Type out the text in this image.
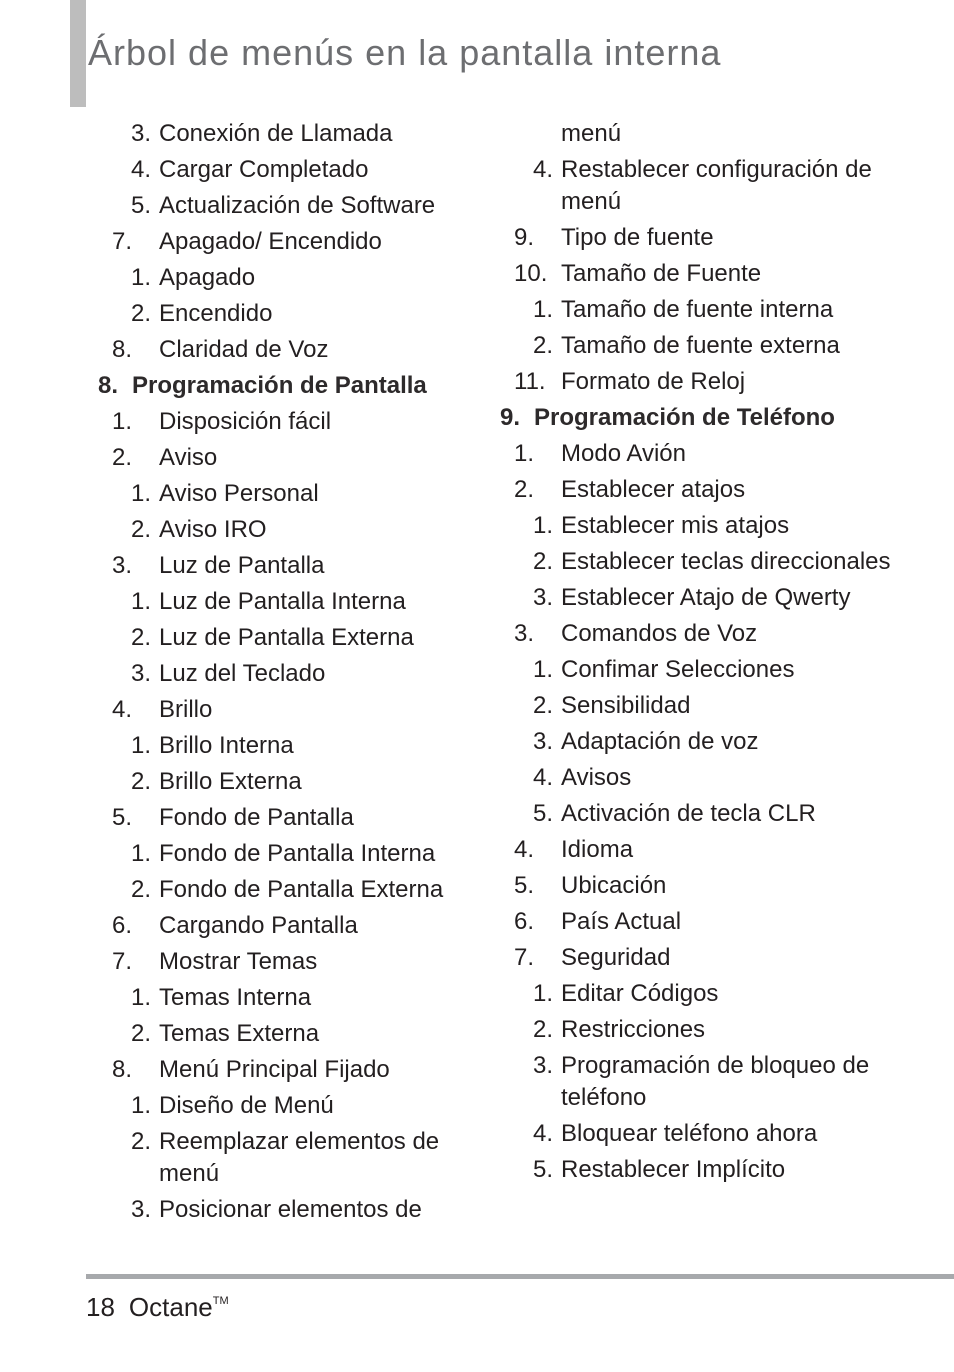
Árbol de menús en la pantalla interna
3. Conexión de Llamada
4. Cargar Completado
5. Actualización de Software
7. Apagado/ Encendido
1. Apagado
2. Encendido
8. Claridad de Voz
8. Programación de Pantalla
1. Disposición fácil
2. Aviso
1. Aviso Personal
2. Aviso IRO
3. Luz de Pantalla
1. Luz de Pantalla Interna
2. Luz de Pantalla Externa
3. Luz del Teclado
4. Brillo
1. Brillo Interna
2. Brillo Externa
5. Fondo de Pantalla
1. Fondo de Pantalla Interna
2. Fondo de Pantalla Externa
6. Cargando Pantalla
7. Mostrar Temas
1. Temas Interna
2. Temas Externa
8. Menú Principal Fijado
1. Diseño de Menú
2. Reemplazar elementos de menú
3. Posicionar elementos de
menú
4. Restablecer configuración de menú
9. Tipo de fuente
10. Tamaño de Fuente
1. Tamaño de fuente interna
2. Tamaño de fuente externa
11. Formato de Reloj
9. Programación de Teléfono
1. Modo Avión
2. Establecer atajos
1. Establecer mis atajos
2. Establecer teclas direccionales
3. Establecer Atajo de Qwerty
3. Comandos de Voz
1. Confimar Selecciones
2. Sensibilidad
3. Adaptación de voz
4. Avisos
5. Activación de tecla CLR
4. Idioma
5. Ubicación
6. País Actual
7. Seguridad
1. Editar Códigos
2. Restricciones
3. Programación de bloqueo de teléfono
4. Bloquear teléfono ahora
5. Restablecer Implícito
18 Octane™
